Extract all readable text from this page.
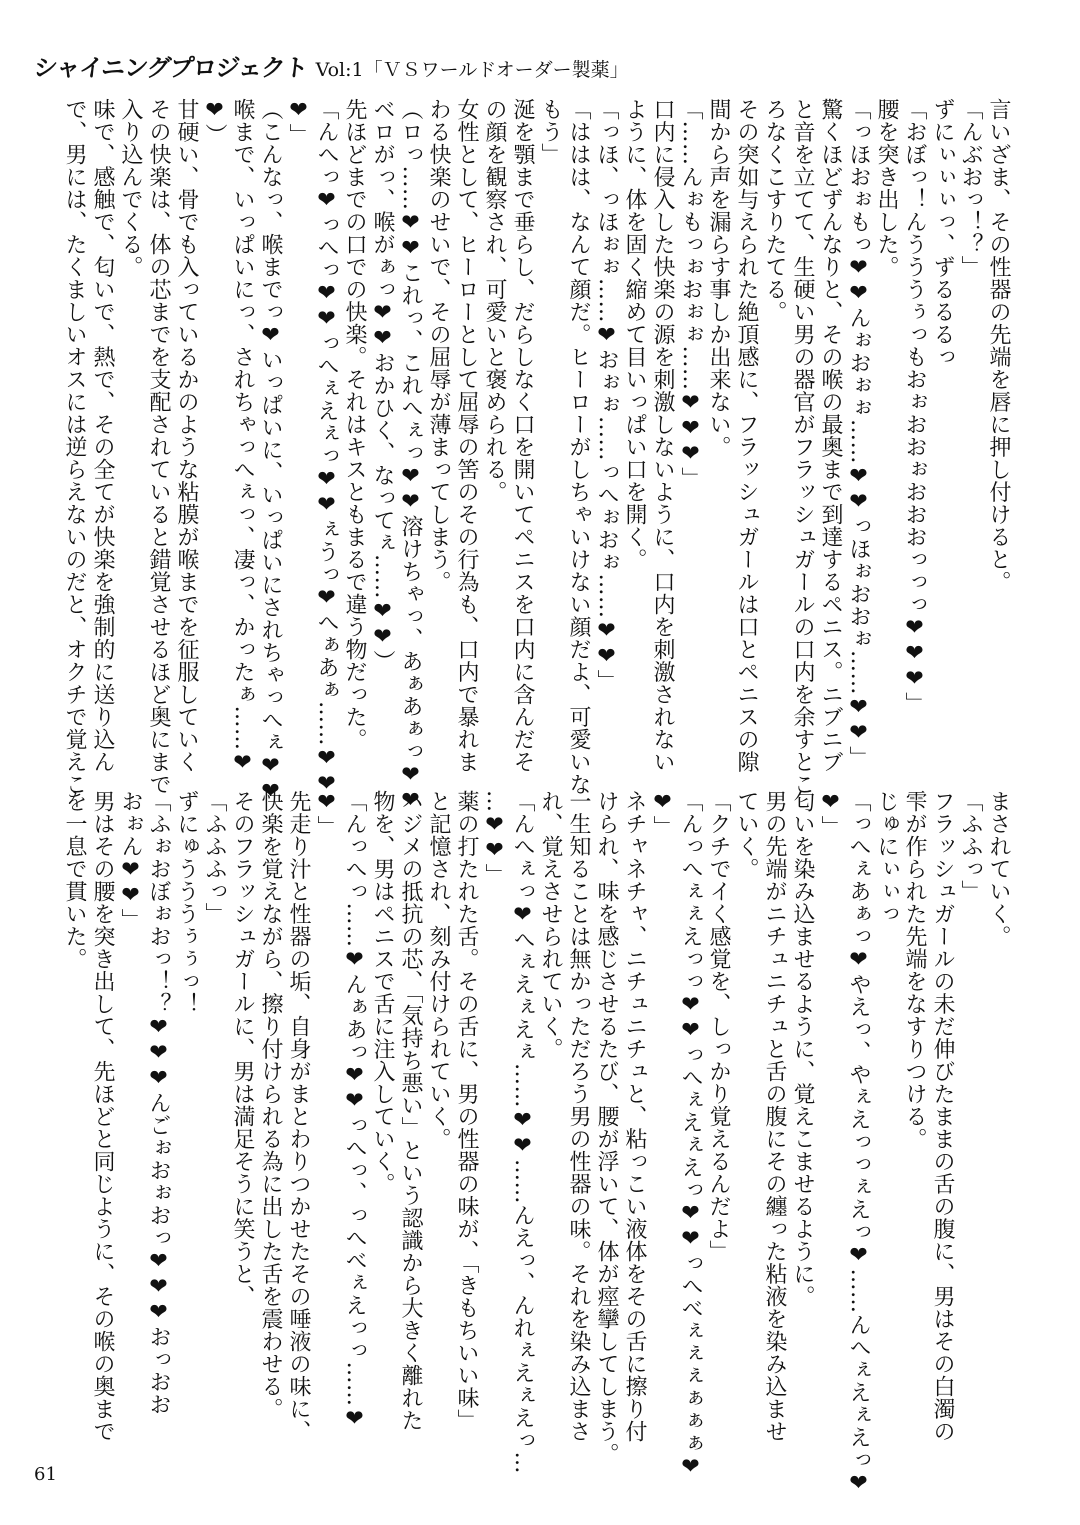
シャイニングプロジェクト Vol:1「ＶＳワールドオーダー製薬」
言いざま、その性器の先端を唇に押し付けると。
「んぶおっ！？」
ずにぃぃぃっ、ずるるるっ
「おぼっ！んうううぅっもおぉおおぉおおおっっっ❤❤❤」
腰を突き出した。
「っほおぉもっ❤❤んぉおぉぉ……❤❤っほぉおおぉ……❤❤」
驚くほどずんなりと、その喉の最奥まで到達するペニス。ニブニブ
と音を立てて、生硬い男の器官がフラッシュガールの口内を余すとこ
ろなくこすりたてる。
その突如与えられた絶頂感に、フラッシュガールは口とペニスの隙
間から声を漏らす事しか出来ない。
「……んぉもっぉおぉぉ……❤❤❤」
口内に侵入した快楽の源を刺激しないように、口内を刺激されない
ように、体を固く縮めて目いっぱい口を開く。
「っほ、っほぉぉ……❤おぉぉ……っへぉおぉ……❤❤」
「ははは、なんて顔だ。ヒーローがしちゃいけない顔だよ、可愛いな
もう」
涎を顎まで垂らし、だらしなく口を開いてペニスを口内に含んだそ
の顔を観察され、可愛いと褒められる。
女性として、ヒーローとして屈辱の筈のその行為も、口内で暴れま
わる快楽のせいで、その屈辱が薄まってしまう。
（ロっ……❤❤これっ、これへぇっ❤❤溶けちゃっ、あぁあぁっ❤❤
ベロがっ、喉がぁっ❤❤おかひく、なってぇ……❤❤）
先ほどまでの口での快楽。それはキスともまるで違う物だった。
「んへっ❤っへっ❤❤っへぇえぇっ❤❤ぇうっ❤へぁあぁ……❤❤
❤」
（こんなっ、喉までっ❤いっぱいに、いっぱいにされちゃっへぇ❤❤
喉まで、いっぱいにっ、されちゃっへぇっ、凄っ、かったぁ……❤
❤）
甘硬い、骨でも入っているかのような粘膜が喉までを征服していく
その快楽は、体の芯までを支配されていると錯覚させるほど奥にまで
入り込んでくる。
味で、感触で、匂いで、熱で、その全てが快楽を強制的に送り込ん
で、男には、たくましいオスには逆らえないのだと、オクチで覚えこ
まされていく。
「ふふっ」
フラッシュガールの未だ伸びたままの舌の腹に、男はその白濁の
雫が作られた先端をなすりつける。
じゅにぃぃっ
「っへぇあぁっ❤やえっ、やぇえっっぇえっ❤……んへぇえぇえっ❤
❤」
匂いを染み込ませるように、覚えこませるように。
男の先端がニチュニチュと舌の腹にその纏った粘液を染み込ませ
ていく。
「クチでイく感覚を、しっかり覚えるんだよ」
「んっへぇぇえっっ❤❤っへぇえぇえっ❤❤っへべぇぇぇぁぁぁ❤
❤」
ネチャネチャ、ニチュニチュと、粘っこい液体をその舌に擦り付
けられ、味を感じさせるたび、腰が浮いて、体が痙攣してしまう。
一生知ることは無かっただろう男の性器の味。それを染み込まさ
れ、覚えさせられていく。
「んへぇっ❤へぇえぇえぇ……❤❤……んえっ、んれぇえぇえっ…
…❤❤」
薬の打たれた舌。その舌に、男の性器の味が、「きもちいい味」
と記憶され、刻み付けられていく。
ハジメの抵抗の芯、「気持ち悪い」という認識から大きく離れた
物を、男はペニスで舌に注入していく。
「んっへっ……❤んぁあっ❤❤っへっ、っへべぇえっっ……❤
❤」
先走り汁と性器の垢、自身がまとわりつかせたその唾液の味に、
快楽を覚えながら、擦り付けられる為に出した舌を震わせる。
そのフラッシュガールに、男は満足そうに笑うと、
「ふふふっ」
ずにゅうううぅぅっ！
「ふぉおぼぉおっ！？❤❤❤んごぉおぉおっ❤❤❤おっおお
おぉん❤❤」
男はその腰を突き出して、先ほどと同じように、その喉の奥まで
を一息で貫いた。
61
